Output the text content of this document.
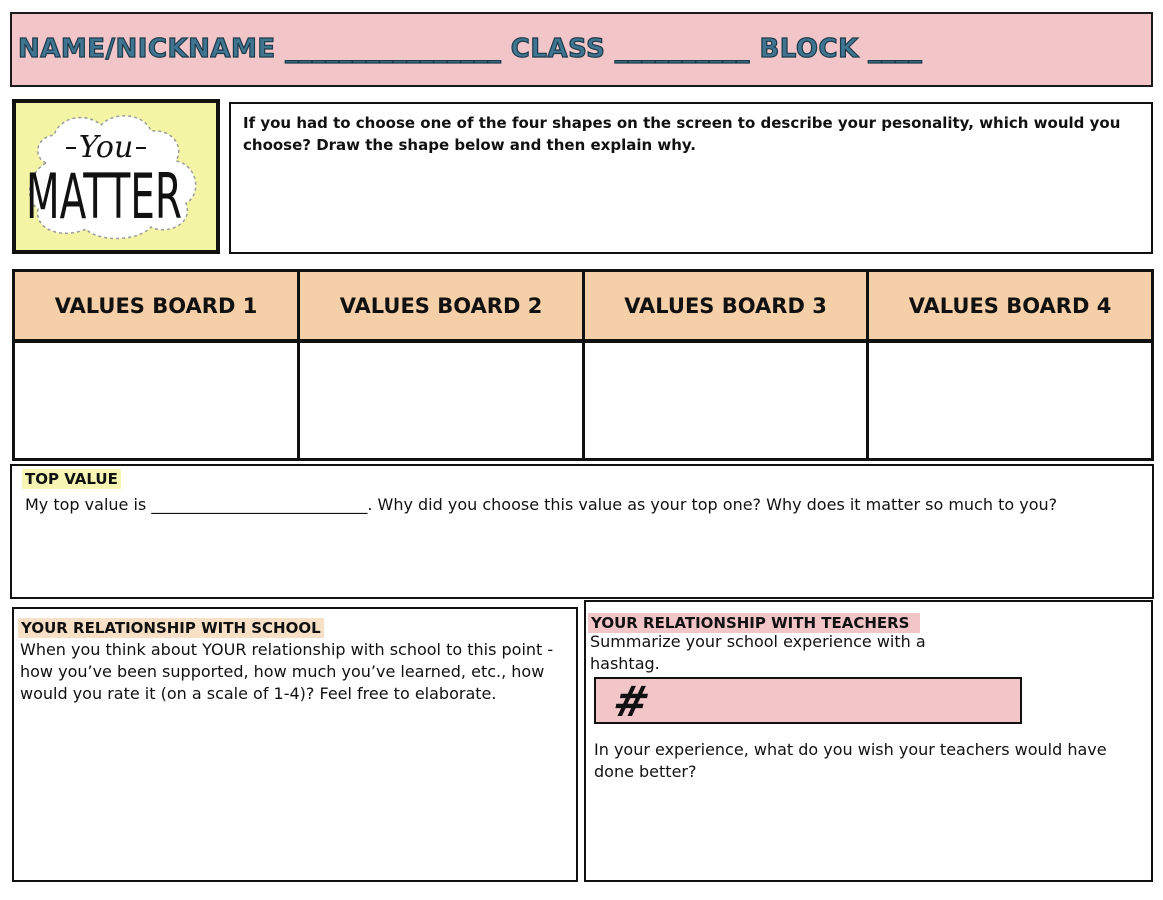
NAME/NICKNAME ________________ CLASS __________ BLOCK ____
You
MATTER
If you had to choose one of the four shapes on the screen to describe your pesonality, which would you choose? Draw the shape below and then explain why.
VALUES BOARD 1	VALUES BOARD 2	VALUES BOARD 3	VALUES BOARD 4
TOP VALUE
My top value is ___________________________. Why did you choose this value as your top one? Why does it matter so much to you?
YOUR RELATIONSHIP WITH SCHOOL
When you think about YOUR relationship with school to this point - how you’ve been supported, how much you’ve learned, etc., how would you rate it (on a scale of 1-4)? Feel free to elaborate.
YOUR RELATIONSHIP WITH TEACHERS
Summarize your school experience with a hashtag.
#
In your experience, what do you wish your teachers would have done better?
